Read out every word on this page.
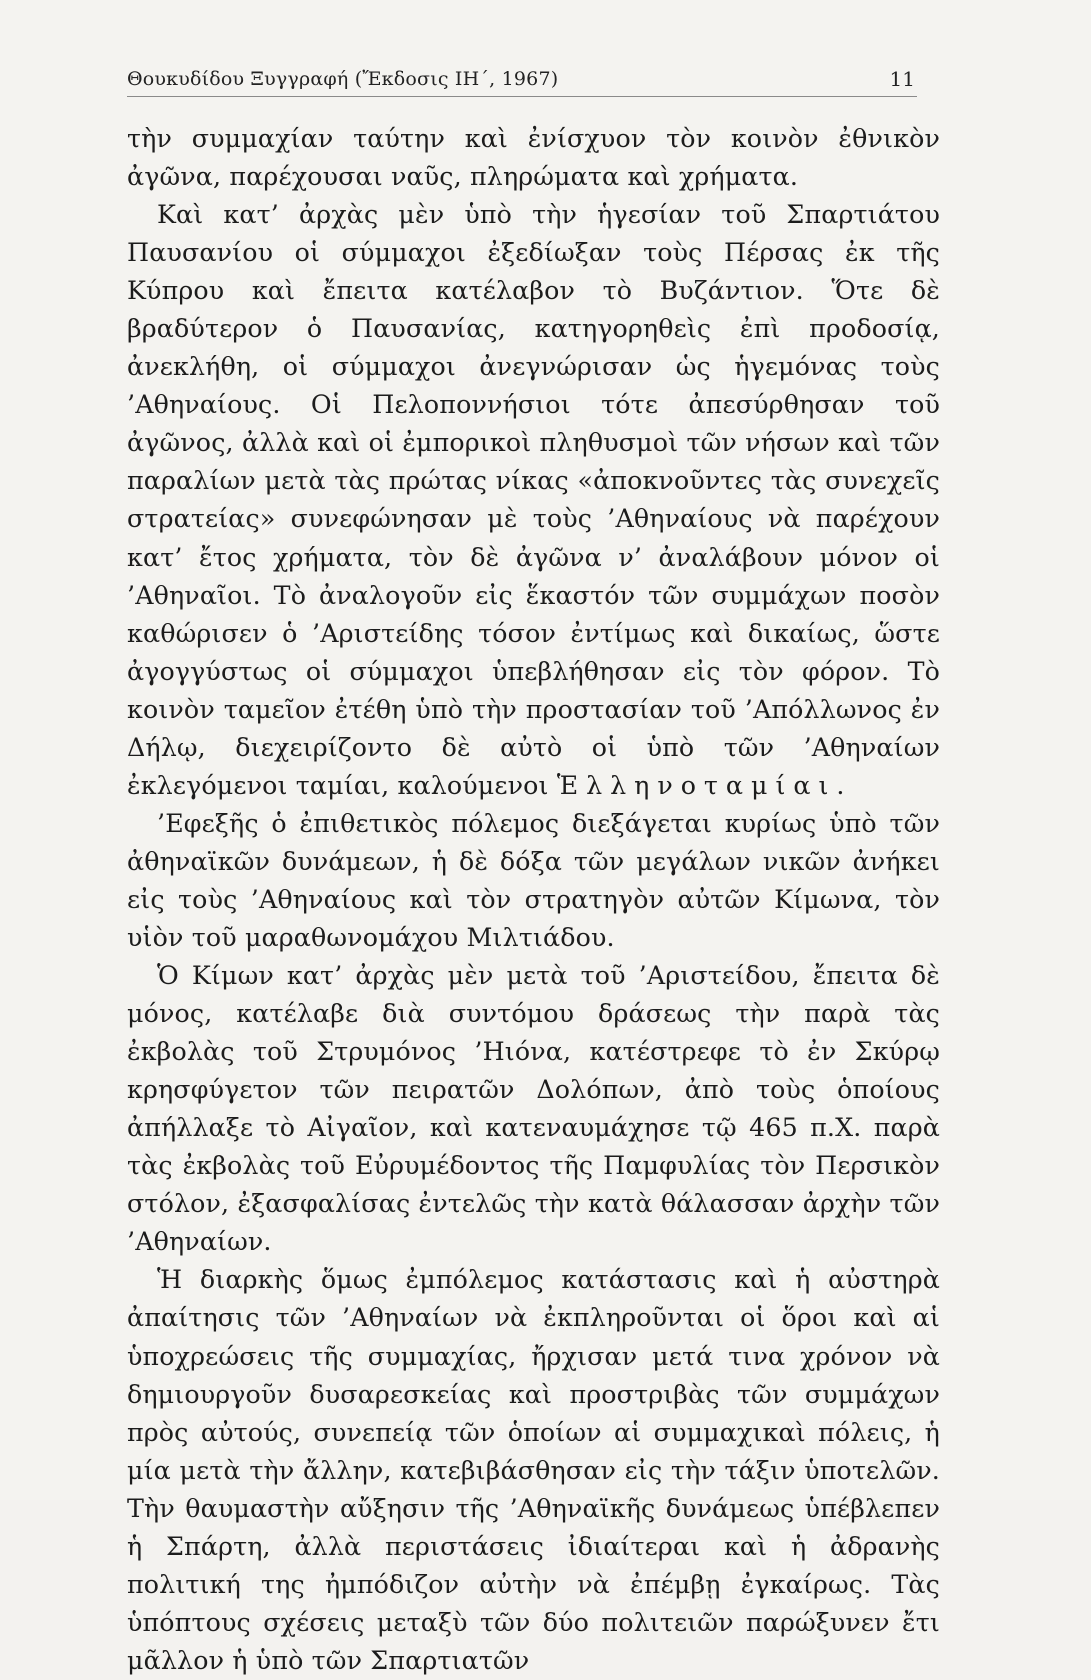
Θουκυδίδου Ξυγγραφή (Ἔκδοσις ΙΗ΄, 1967)	11

τὴν συμμαχίαν ταύτην καὶ ἐνίσχυον τὸν κοινὸν ἐθνικὸν ἀγῶνα, παρέχουσαι ναῦς, πληρώματα καὶ χρήματα.

Καὶ κατ’ ἀρχὰς μὲν ὑπὸ τὴν ἡγεσίαν τοῦ Σπαρτιάτου Παυσανίου οἱ σύμμαχοι ἐξεδίωξαν τοὺς Πέρσας ἐκ τῆς Κύπρου καὶ ἔπειτα κατέλαβον τὸ Βυζάντιον. Ὅτε δὲ βραδύτερον ὁ Παυσανίας, κατηγορηθεὶς ἐπὶ προδοσίᾳ, ἀνεκλήθη, οἱ σύμμαχοι ἀνεγνώρισαν ὡς ἡγεμόνας τοὺς ’Αθηναίους. Οἱ Πελοποννήσιοι τότε ἀπεσύρθησαν τοῦ ἀγῶνος, ἀλλὰ καὶ οἱ ἐμπορικοὶ πληθυσμοὶ τῶν νήσων καὶ τῶν παραλίων μετὰ τὰς πρώτας νίκας «ἀποκνοῦντες τὰς συνεχεῖς στρατείας» συνεφώνησαν μὲ τοὺς ’Αθηναίους νὰ παρέχουν κατ’ ἔτος χρήματα, τὸν δὲ ἀγῶνα ν’ ἀναλάβουν μόνον οἱ ’Αθηναῖοι. Τὸ ἀναλογοῦν εἰς ἕκαστόν τῶν συμμάχων ποσὸν καθώρισεν ὁ ’Αριστείδης τόσον ἐντίμως καὶ δικαίως, ὥστε ἀγογγύστως οἱ σύμμαχοι ὑπεβλήθησαν εἰς τὸν φόρον. Τὸ κοινὸν ταμεῖον ἐτέθη ὑπὸ τὴν προστασίαν τοῦ ’Απόλλωνος ἐν Δήλῳ, διεχειρίζοντο δὲ αὐτὸ οἱ ὑπὸ τῶν ’Αθηναίων ἐκλεγόμενοι ταμίαι, καλούμενοι Ἑλληνοταμίαι.

’Εφεξῆς ὁ ἐπιθετικὸς πόλεμος διεξάγεται κυρίως ὑπὸ τῶν ἀθηναϊκῶν δυνάμεων, ἡ δὲ δόξα τῶν μεγάλων νικῶν ἀνήκει εἰς τοὺς ’Αθηναίους καὶ τὸν στρατηγὸν αὐτῶν Κίμωνα, τὸν υἱὸν τοῦ μαραθωνομάχου Μιλτιάδου.

Ὁ Κίμων κατ’ ἀρχὰς μὲν μετὰ τοῦ ’Αριστείδου, ἔπειτα δὲ μόνος, κατέλαβε διὰ συντόμου δράσεως τὴν παρὰ τὰς ἐκβολὰς τοῦ Στρυμόνος ’Ηιόνα, κατέστρεφε τὸ ἐν Σκύρῳ κρησφύγετον τῶν πειρατῶν Δολόπων, ἀπὸ τοὺς ὁποίους ἀπήλλαξε τὸ Αἰγαῖον, καὶ κατεναυμάχησε τῷ 465 π.Χ. παρὰ τὰς ἐκβολὰς τοῦ Εὐρυμέδοντος τῆς Παμφυλίας τὸν Περσικὸν στόλον, ἐξασφαλίσας ἐντελῶς τὴν κατὰ θάλασσαν ἀρχὴν τῶν ’Αθηναίων.

Ἡ διαρκὴς ὅμως ἐμπόλεμος κατάστασις καὶ ἡ αὐστηρὰ ἀπαίτησις τῶν ’Αθηναίων νὰ ἐκπληροῦνται οἱ ὅροι καὶ αἱ ὑποχρεώσεις τῆς συμμαχίας, ἤρχισαν μετά τινα χρόνον νὰ δημιουργοῦν δυσαρεσκείας καὶ προστριβὰς τῶν συμμάχων πρὸς αὐτούς, συνεπείᾳ τῶν ὁποίων αἱ συμμαχικαὶ πόλεις, ἡ μία μετὰ τὴν ἄλλην, κατεβιβάσθησαν εἰς τὴν τάξιν ὑποτελῶν. Τὴν θαυμαστὴν αὔξησιν τῆς ’Αθηναϊκῆς δυνάμεως ὑπέβλεπεν ἡ Σπάρτη, ἀλλὰ περιστάσεις ἰδιαίτεραι καὶ ἡ ἀδρανὴς πολιτική της ἠμπόδιζον αὐτὴν νὰ ἐπέμβῃ ἐγκαίρως. Τὰς ὑπόπτους σχέσεις μεταξὺ τῶν δύο πολιτειῶν παρώξυνεν ἔτι μᾶλλον ἡ ὑπὸ τῶν Σπαρτιατῶν
